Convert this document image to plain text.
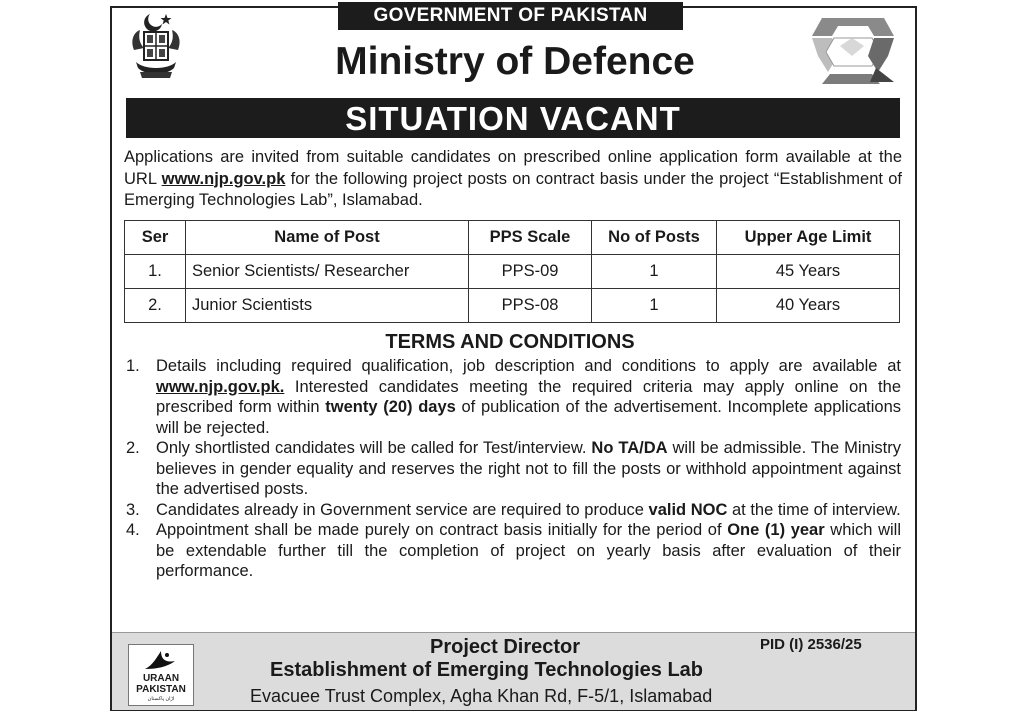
GOVERNMENT OF PAKISTAN
Ministry of Defence
SITUATION VACANT

Applications are invited from suitable candidates on prescribed online application form available at the URL www.njp.gov.pk for the following project posts on contract basis under the project “Establishment of Emerging Technologies Lab”, Islamabad.

Ser	Name of Post	PPS Scale	No of Posts	Upper Age Limit
1.	Senior Scientists/ Researcher	PPS-09	1	45 Years
2.	Junior Scientists	PPS-08	1	40 Years
TERMS AND CONDITIONS
1. Details including required qualification, job description and conditions to apply are available at www.njp.gov.pk. Interested candidates meeting the required criteria may apply online on the prescribed form within twenty (20) days of publication of the advertisement. Incomplete applications will be rejected.
2. Only shortlisted candidates will be called for Test/interview. No TA/DA will be admissible. The Ministry believes in gender equality and reserves the right not to fill the posts or withhold appointment against the advertised posts.
3. Candidates already in Government service are required to produce valid NOC at the time of interview.
4. Appointment shall be made purely on contract basis initially for the period of One (1) year which will be extendable further till the completion of project on yearly basis after evaluation of their performance.
URAAN
PAKISTAN
ﺍﮌﺍﻥ ﭘﺎﮐﺴﺘﺎﻥ
Project Director
Establishment of Emerging Technologies Lab
Evacuee Trust Complex, Agha Khan Rd, F-5/1, Islamabad
PID (I) 2536/25
